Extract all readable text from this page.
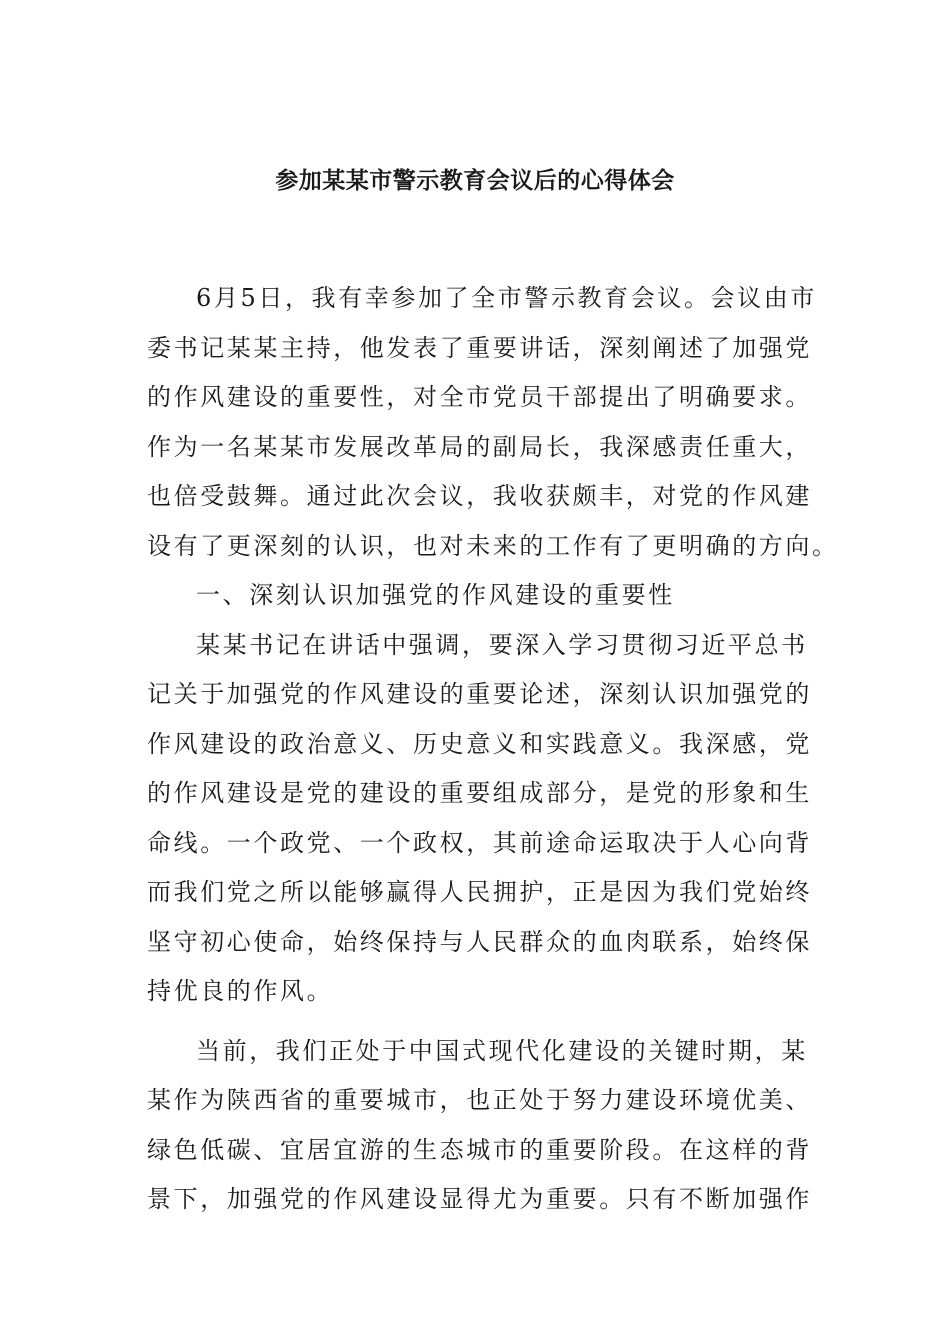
参加某某市警示教育会议后的心得体会
6月5日，我有幸参加了全市警示教育会议。会议由市
委书记某某主持，他发表了重要讲话，深刻阐述了加强党
的作风建设的重要性，对全市党员干部提出了明确要求。
作为一名某某市发展改革局的副局长，我深感责任重大，
也倍受鼓舞。通过此次会议，我收获颇丰，对党的作风建
设有了更深刻的认识，也对未来的工作有了更明确的方向。
一、深刻认识加强党的作风建设的重要性
某某书记在讲话中强调，要深入学习贯彻习近平总书
记关于加强党的作风建设的重要论述，深刻认识加强党的
作风建设的政治意义、历史意义和实践意义。我深感，党
的作风建设是党的建设的重要组成部分，是党的形象和生
命线。一个政党、一个政权，其前途命运取决于人心向背
而我们党之所以能够赢得人民拥护，正是因为我们党始终
坚守初心使命，始终保持与人民群众的血肉联系，始终保
持优良的作风。
当前，我们正处于中国式现代化建设的关键时期，某
某作为陕西省的重要城市，也正处于努力建设环境优美、
绿色低碳、宜居宜游的生态城市的重要阶段。在这样的背
景下，加强党的作风建设显得尤为重要。只有不断加强作
